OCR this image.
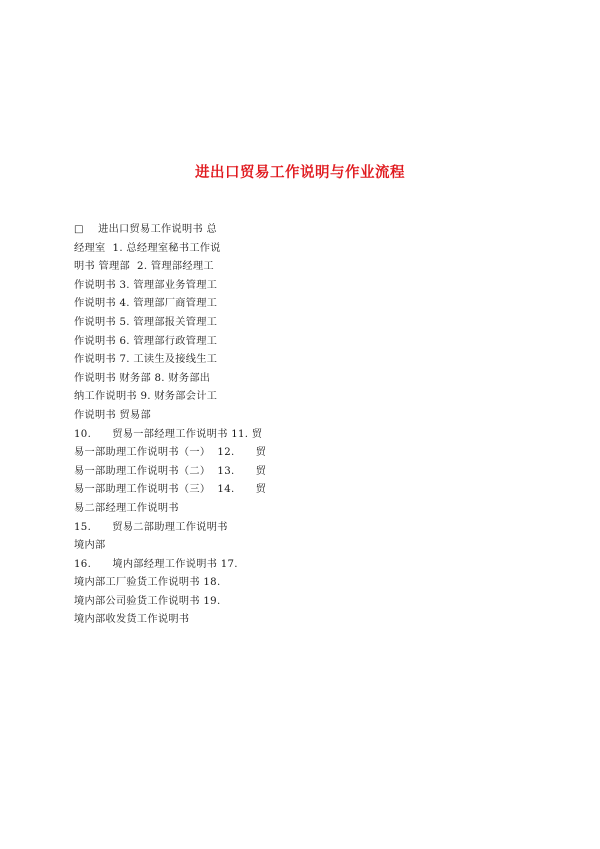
进出口贸易工作说明与作业流程
□    进出口贸易工作说明书 总
经理室  1. 总经理室秘书工作说
明书 管理部  2. 管理部经理工
作说明书 3. 管理部业务管理工
作说明书 4. 管理部厂商管理工
作说明书 5. 管理部报关管理工
作说明书 6. 管理部行政管理工
作说明书 7. 工读生及接线生工
作说明书 财务部 8. 财务部出
纳工作说明书 9. 财务部会计工
作说明书 贸易部
10.      贸易一部经理工作说明书 11. 贸
易一部助理工作说明书（一）  12.      贸
易一部助理工作说明书（二）  13.      贸
易一部助理工作说明书（三）  14.      贸
易二部经理工作说明书
15.      贸易二部助理工作说明书
境内部
16.      境内部经理工作说明书 17.
境内部工厂验货工作说明书 18.
境内部公司验货工作说明书 19.
境内部收发货工作说明书
